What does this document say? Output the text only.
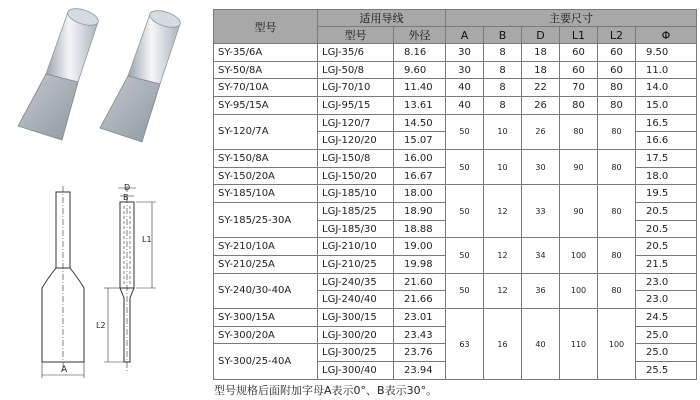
A
D
B
L1
L2
型号	适用导线		主要尺寸					
	型号	外径	A	B	D	L1	L2	Φ
SY-35/6A	LGJ-35/6	8.16	30	8	18	60	60	9.50
SY-50/8A	LGJ-50/8	9.60	30	8	18	60	60	11.0
SY-70/10A	LGJ-70/10	11.40	40	8	22	70	80	14.0
SY-95/15A	LGJ-95/15	13.61	40	8	26	80	80	15.0
SY-120/7A	LGJ-120/7	14.50	50	10	26	80	80	16.5
	LGJ-120/20	15.07						16.6
SY-150/8A	LGJ-150/8	16.00	50	10	30	90	80	17.5
SY-150/20A	LGJ-150/20	16.67						18.0
SY-185/10A	LGJ-185/10	18.00	50	12	33	90	80	19.5
SY-185/25-30A	LGJ-185/25	18.90						20.5
	LGJ-185/30	18.88						20.5
SY-210/10A	LGJ-210/10	19.00	50	12	34	100	80	20.5
SY-210/25A	LGJ-210/25	19.98						21.5
SY-240/30-40A	LGJ-240/35	21.60	50	12	36	100	80	23.0
	LGJ-240/40	21.66						23.0
SY-300/15A	LGJ-300/15	23.01	63	16	40	110	100	24.5
SY-300/20A	LGJ-300/20	23.43						25.0
SY-300/25-40A	LGJ-300/25	23.76						25.0
	LGJ-300/40	23.94						25.5
型号规格后面附加字母A表示0°、B表示30°。
